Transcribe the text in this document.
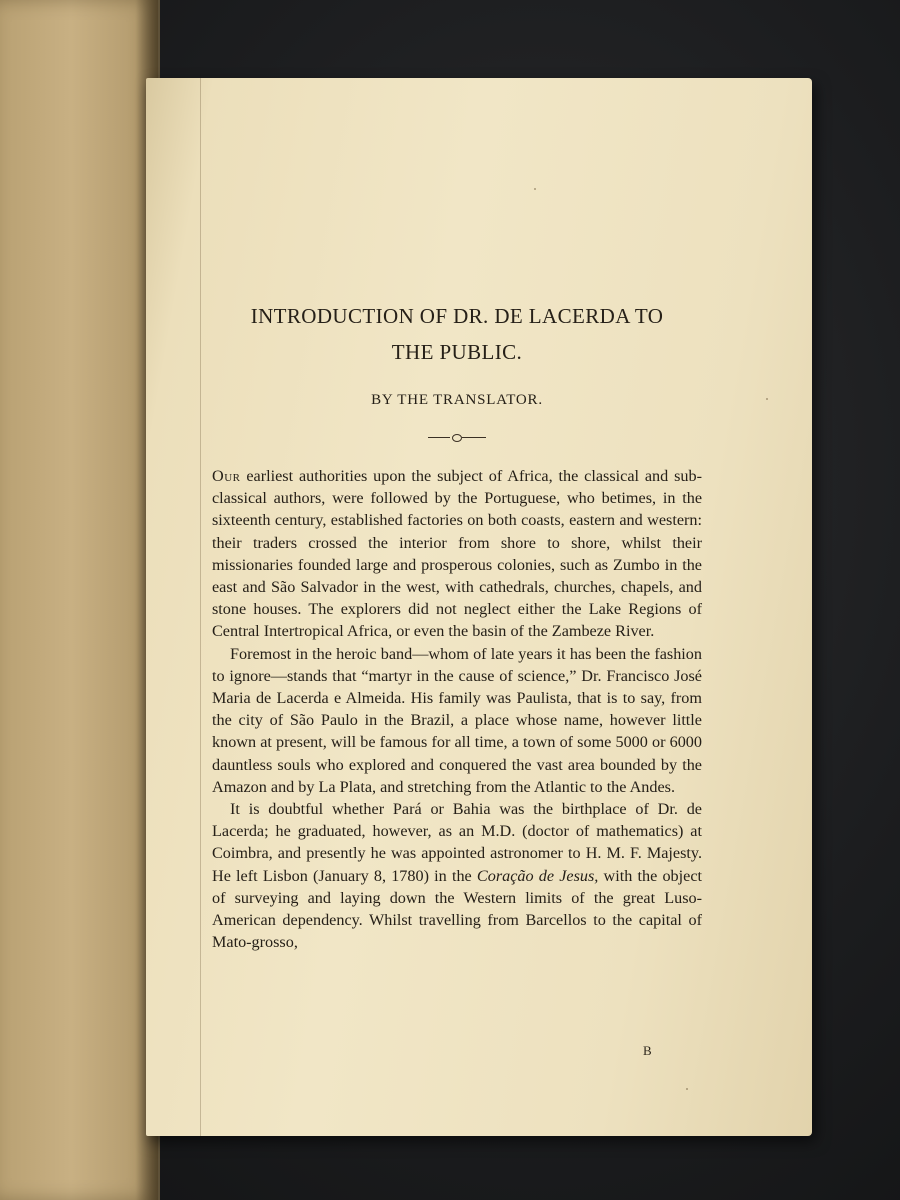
INTRODUCTION OF DR. DE LACERDA TO
THE PUBLIC.

BY THE TRANSLATOR.

Our earliest authorities upon the subject of Africa, the classical and sub-classical authors, were followed by the Portuguese, who betimes, in the sixteenth century, established factories on both coasts, eastern and western: their traders crossed the interior from shore to shore, whilst their missionaries founded large and prosperous colonies, such as Zumbo in the east and São Salvador in the west, with cathedrals, churches, chapels, and stone houses. The explorers did not neglect either the Lake Regions of Central Intertropical Africa, or even the basin of the Zambeze River.

Foremost in the heroic band—whom of late years it has been the fashion to ignore—stands that “martyr in the cause of science,” Dr. Francisco José Maria de Lacerda e Almeida. His family was Paulista, that is to say, from the city of São Paulo in the Brazil, a place whose name, however little known at present, will be famous for all time, a town of some 5000 or 6000 dauntless souls who explored and conquered the vast area bounded by the Amazon and by La Plata, and stretching from the Atlantic to the Andes.

It is doubtful whether Pará or Bahia was the birthplace of Dr. de Lacerda; he graduated, however, as an M.D. (doctor of mathematics) at Coimbra, and presently he was appointed astronomer to H. M. F. Majesty. He left Lisbon (January 8, 1780) in the Coração de Jesus, with the object of surveying and laying down the Western limits of the great Luso-American dependency. Whilst travelling from Barcellos to the capital of Mato-grosso,

B
